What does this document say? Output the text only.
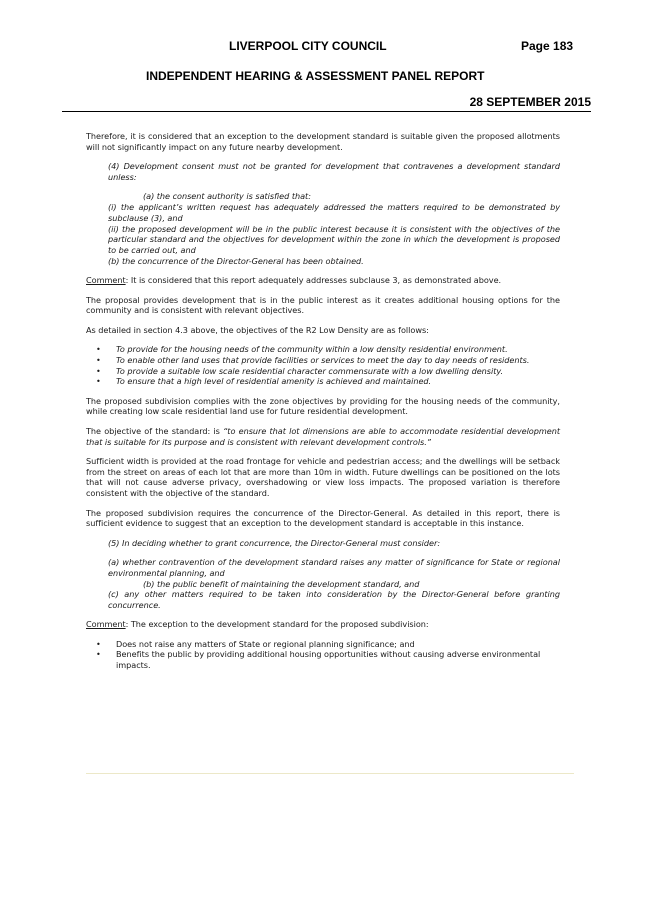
LIVERPOOL CITY COUNCIL	Page 183
INDEPENDENT HEARING & ASSESSMENT PANEL REPORT
28 SEPTEMBER 2015

Therefore, it is considered that an exception to the development standard is suitable given the proposed allotments will not significantly impact on any future nearby development.

(4) Development consent must not be granted for development that contravenes a development standard unless:

(a) the consent authority is satisfied that:

(i) the applicant’s written request has adequately addressed the matters required to be demonstrated by subclause (3), and

(ii) the proposed development will be in the public interest because it is consistent with the objectives of the particular standard and the objectives for development within the zone in which the development is proposed to be carried out, and

(b) the concurrence of the Director-General has been obtained.

Comment: It is considered that this report adequately addresses subclause 3, as demonstrated above.

The proposal provides development that is in the public interest as it creates additional housing options for the community and is consistent with relevant objectives.

As detailed in section 4.3 above, the objectives of the R2 Low Density are as follows:

• To provide for the housing needs of the community within a low density residential environment.
• To enable other land uses that provide facilities or services to meet the day to day needs of residents.
• To provide a suitable low scale residential character commensurate with a low dwelling density.
• To ensure that a high level of residential amenity is achieved and maintained.

The proposed subdivision complies with the zone objectives by providing for the housing needs of the community, while creating low scale residential land use for future residential development.

The objective of the standard: is “to ensure that lot dimensions are able to accommodate residential development that is suitable for its purpose and is consistent with relevant development controls.”

Sufficient width is provided at the road frontage for vehicle and pedestrian access; and the dwellings will be setback from the street on areas of each lot that are more than 10m in width. Future dwellings can be positioned on the lots that will not cause adverse privacy, overshadowing or view loss impacts. The proposed variation is therefore consistent with the objective of the standard.

The proposed subdivision requires the concurrence of the Director-General. As detailed in this report, there is sufficient evidence to suggest that an exception to the development standard is acceptable in this instance.

(5) In deciding whether to grant concurrence, the Director-General must consider:

(a) whether contravention of the development standard raises any matter of significance for State or regional environmental planning, and

(b) the public benefit of maintaining the development standard, and

(c) any other matters required to be taken into consideration by the Director-General before granting concurrence.

Comment: The exception to the development standard for the proposed subdivision:

• Does not raise any matters of State or regional planning significance; and
• Benefits the public by providing additional housing opportunities without causing adverse environmental impacts.
